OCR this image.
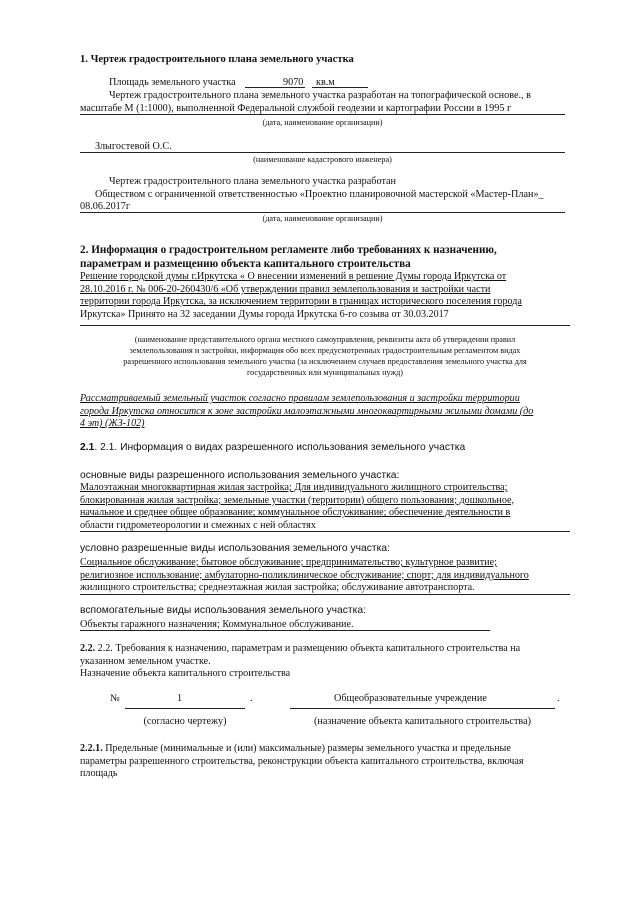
1. Чертеж градостроительного плана земельного участка
Площадь земельного участка	9070 кв.м
Чертеж градостроительного плана земельного участка разработан на топографической основе., в
масштабе М (1:1000), выполненной Федеральной службой геодезии и картографии России в 1995 г
(дата, наименование организации)
Злыгостевой О.С.
(наименование кадастрового инженера)
Чертеж градостроительного плана земельного участка разработан
Обществом с ограниченной ответственностью «Проектно планировочной мастерской «Мастер-План»_
08.06.2017г
(дата, наименование организации)
2. Информация о градостроительном регламенте либо требованиях к назначению,
параметрам и размещению объекта капитального строительства
Решение городской думы г.Иркутска « О внесении изменений в решение Думы города Иркутска от
28.10.2016 г. № 006-20-260430/6 «Об утверждении правил землепользования и застройки части
территории города Иркутска, за исключением территории в границах исторического поселения города
Иркутска» Принято на 32 заседании Думы города Иркутска 6-го созыва от 30.03.2017
(наименование представительного органа местного самоуправления, реквизиты акта об утверждении правил
землепользования и застройки, информация обо всех предусмотренных градостроительным регламентом видах
разрешенного использования земельного участка (за исключением случаев предоставления земельного участка для
государственных или муниципальных нужд)
Рассматриваемый земельный участок согласно правилам землепользования и застройки территории
города Иркутска относится к зоне застройки малоэтажными многоквартирными жилыми домами (до
4 эт) (ЖЗ-102)
2.1. 2.1. Информация о видах разрешенного использования земельного участка
основные виды разрешенного использования земельного участка:
Малоэтажная многоквартирная жилая застройка; Для индивидуального жилищного строительства;
блокированная жилая застройка; земельные участки (территории) общего пользования; дошкольное,
начальное и среднее общее образование; коммунальное обслуживание; обеспечение деятельности в
области гидрометеорологии и смежных с ней областях
условно разрешенные виды использования земельного участка:
Социальное обслуживание; бытовое обслуживание; предпринимательство; культурное развитие;
религиозное использование; амбулаторно-поликлиническое обслуживание; спорт; для индивидуального
жилищного строительства; среднеэтажная жилая застройка; обслуживание автотранспорта.
вспомогательные виды использования земельного участка:
Объекты гаражного назначения; Коммунальное обслуживание.
2.2. 2.2. Требования к назначению, параметрам и размещению объекта капитального строительства на
указанном земельном участке.
Назначение объекта капитального строительства
№	1	.	Общеобразовательные учреждение	.
(согласно чертежу)	(назначение объекта капитального строительства)
2.2.1. Предельные (минимальные и (или) максимальные) размеры земельного участка и предельные
параметры разрешенного строительства, реконструкции объекта капитального строительства, включая
площадь
